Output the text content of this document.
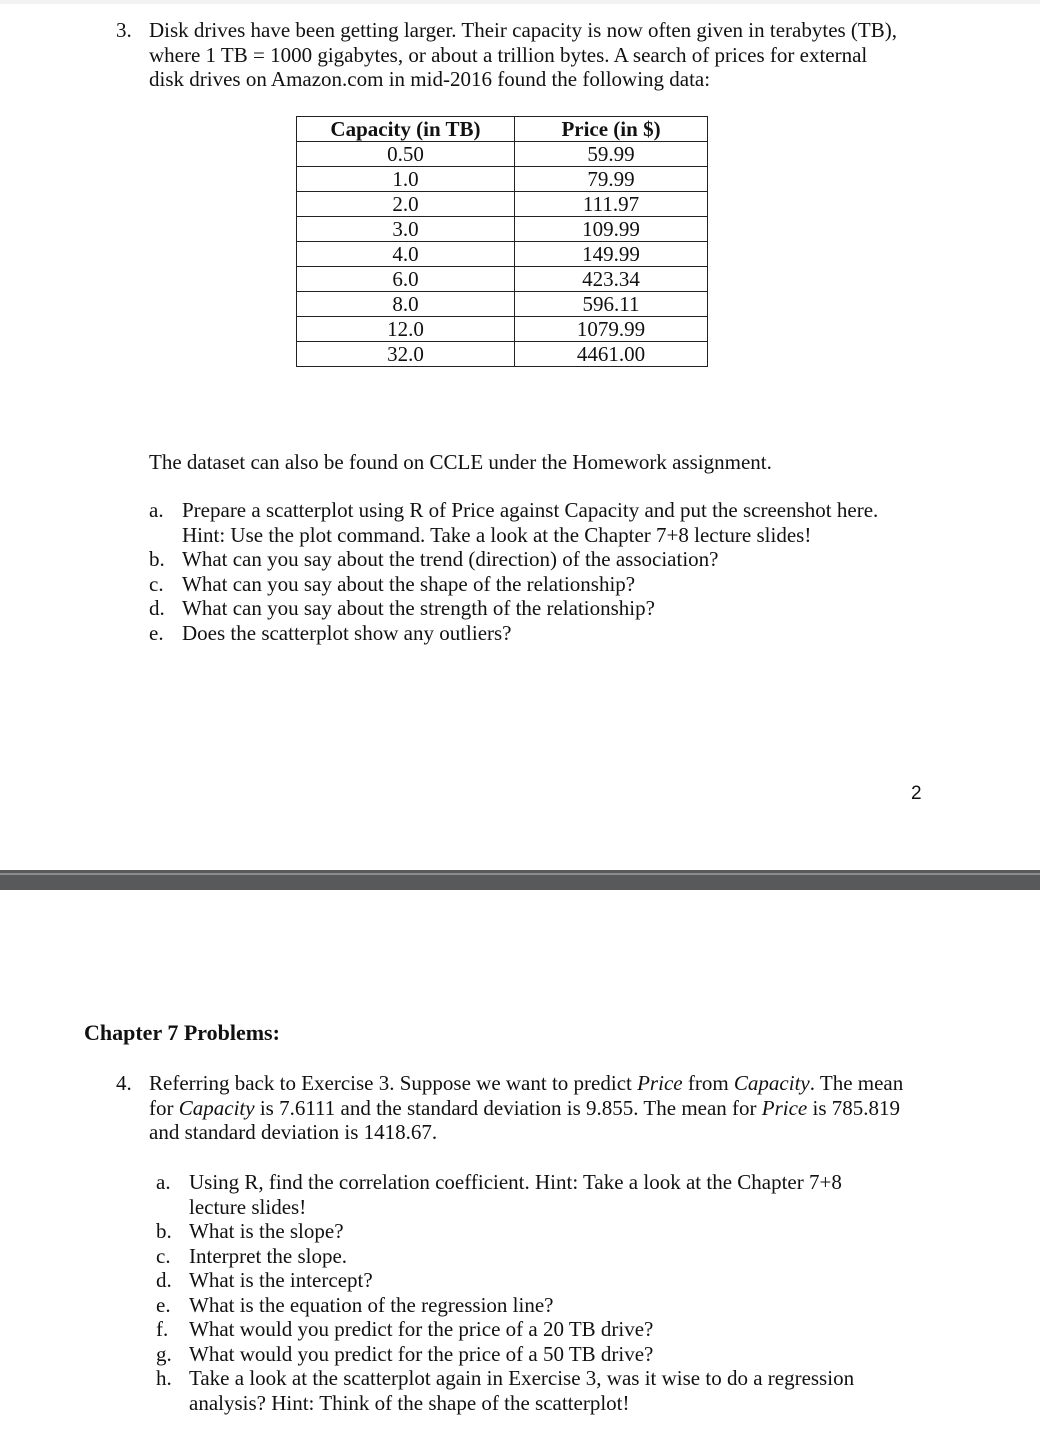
3. Disk drives have been getting larger. Their capacity is now often given in terabytes (TB),
where 1 TB = 1000 gigabytes, or about a trillion bytes. A search of prices for external
disk drives on Amazon.com in mid-2016 found the following data:
Capacity (in TB)	Price (in $)
0.50	59.99
1.0	79.99
2.0	111.97
3.0	109.99
4.0	149.99
6.0	423.34
8.0	596.11
12.0	1079.99
32.0	4461.00
The dataset can also be found on CCLE under the Homework assignment.
a. Prepare a scatterplot using R of Price against Capacity and put the screenshot here.
Hint: Use the plot command. Take a look at the Chapter 7+8 lecture slides!
b. What can you say about the trend (direction) of the association?
c. What can you say about the shape of the relationship?
d. What can you say about the strength of the relationship?
e. Does the scatterplot show any outliers?
2
Chapter 7 Problems:
4. Referring back to Exercise 3. Suppose we want to predict Price from Capacity. The mean
for Capacity is 7.6111 and the standard deviation is 9.855. The mean for Price is 785.819
and standard deviation is 1418.67.
a. Using R, find the correlation coefficient. Hint: Take a look at the Chapter 7+8
lecture slides!
b. What is the slope?
c. Interpret the slope.
d. What is the intercept?
e. What is the equation of the regression line?
f. What would you predict for the price of a 20 TB drive?
g. What would you predict for the price of a 50 TB drive?
h. Take a look at the scatterplot again in Exercise 3, was it wise to do a regression
analysis? Hint: Think of the shape of the scatterplot!
